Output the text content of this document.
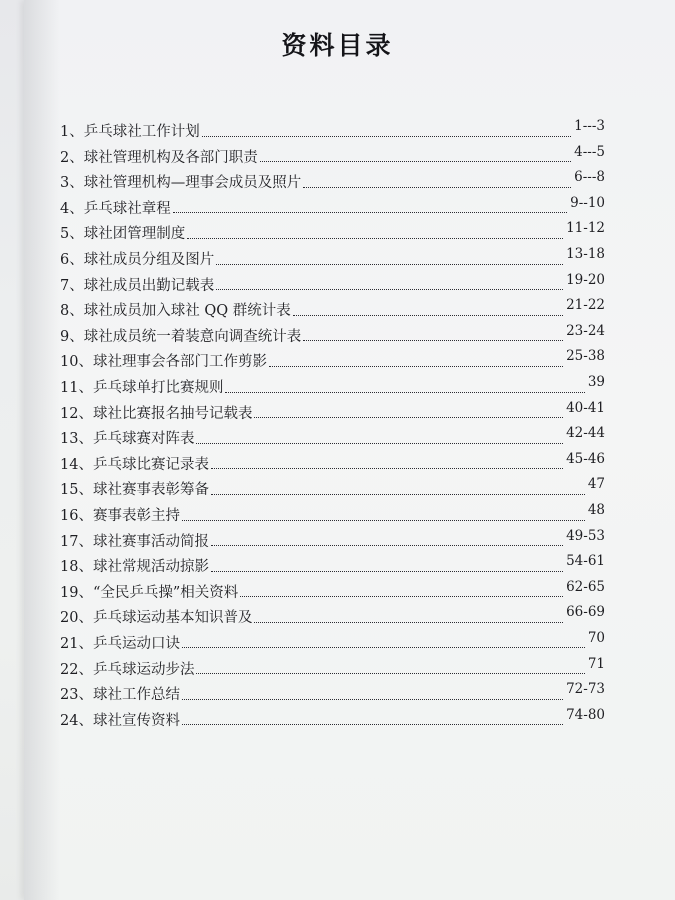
资料目录
1、乒乓球社工作计划	1---3
2、球社管理机构及各部门职责	4---5
3、球社管理机构—理事会成员及照片	6---8
4、乒乓球社章程	9--10
5、球社团管理制度	11-12
6、球社成员分组及图片	13-18
7、球社成员出勤记载表	19-20
8、球社成员加入球社 QQ 群统计表	21-22
9、球社成员统一着装意向调查统计表	23-24
10、球社理事会各部门工作剪影	25-38
11、乒乓球单打比赛规则	39
12、球社比赛报名抽号记载表	40-41
13、乒乓球赛对阵表	42-44
14、乒乓球比赛记录表	45-46
15、球社赛事表彰筹备	47
16、赛事表彰主持	48
17、球社赛事活动简报	49-53
18、球社常规活动掠影	54-61
19、“全民乒乓操”相关资料	62-65
20、乒乓球运动基本知识普及	66-69
21、乒乓运动口诀	70
22、乒乓球运动步法	71
23、球社工作总结	72-73
24、球社宣传资料	74-80
